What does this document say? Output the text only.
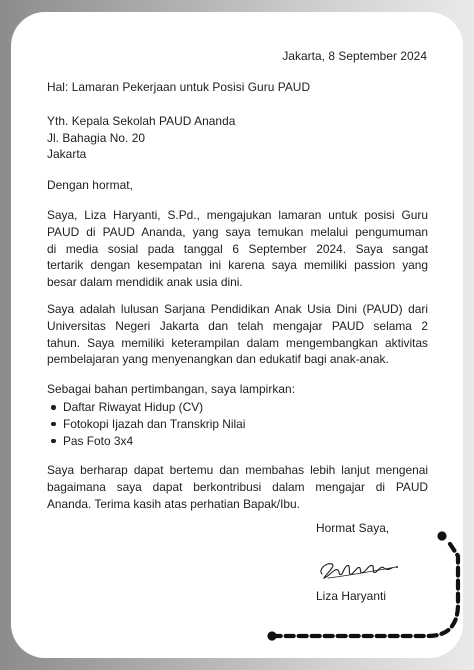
Jakarta, 8 September 2024
Hal: Lamaran Pekerjaan untuk Posisi Guru PAUD
Yth. Kepala Sekolah PAUD Ananda
Jl. Bahagia No. 20
Jakarta
Dengan hormat,
Saya, Liza Haryanti, S.Pd., mengajukan lamaran untuk posisi Guru
PAUD di PAUD Ananda, yang saya temukan melalui pengumuman
di media sosial pada tanggal 6 September 2024. Saya sangat
tertarik dengan kesempatan ini karena saya memiliki passion yang
besar dalam mendidik anak usia dini.
Saya adalah lulusan Sarjana Pendidikan Anak Usia Dini (PAUD) dari
Universitas Negeri Jakarta dan telah mengajar PAUD selama 2
tahun. Saya memiliki keterampilan dalam mengembangkan aktivitas
pembelajaran yang menyenangkan dan edukatif bagi anak-anak.
Sebagai bahan pertimbangan, saya lampirkan:
Daftar Riwayat Hidup (CV)
Fotokopi Ijazah dan Transkrip Nilai
Pas Foto 3x4
Saya berharap dapat bertemu dan membahas lebih lanjut mengenai
bagaimana saya dapat berkontribusi dalam mengajar di PAUD
Ananda. Terima kasih atas perhatian Bapak/Ibu.
Hormat Saya,
Liza Haryanti
